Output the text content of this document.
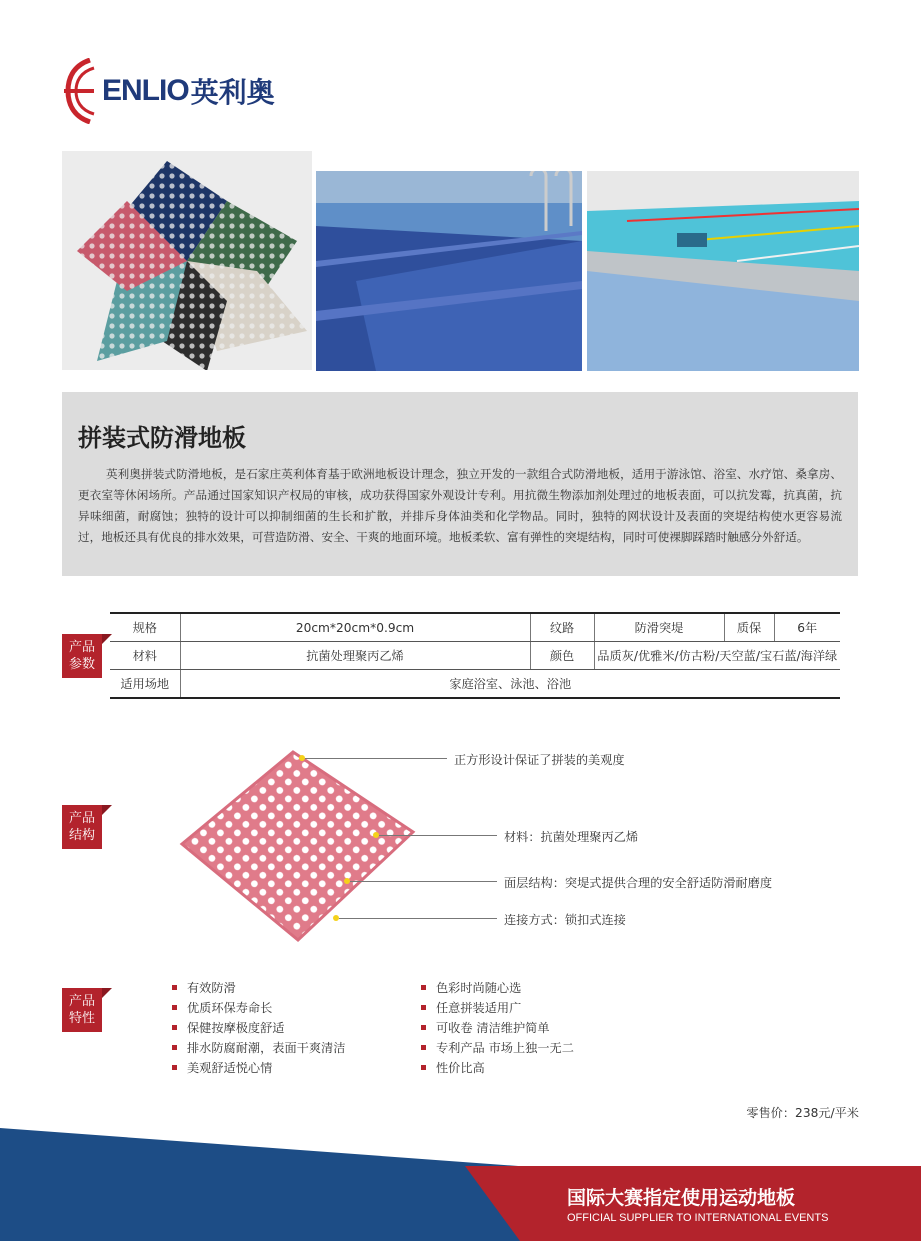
ENLIO 英利奥
拼装式防滑地板

英利奥拼装式防滑地板，是石家庄英利体育基于欧洲地板设计理念，独立开发的一款组合式防滑地板，适用于游泳馆、浴室、水疗馆、桑拿房、更衣室等休闲场所。产品通过国家知识产权局的审核，成功获得国家外观设计专利。用抗微生物添加剂处理过的地板表面，可以抗发霉，抗真菌，抗异味细菌，耐腐蚀；独特的设计可以抑制细菌的生长和扩散，并排斥身体油类和化学物品。同时，独特的网状设计及表面的突堤结构使水更容易流过，地板还具有优良的排水效果，可营造防滑、安全、干爽的地面环境。地板柔软、富有弹性的突堤结构，同时可使裸脚踩踏时触感分外舒适。

产品
参数
规格	20cm*20cm*0.9cm	纹路	防滑突堤	质保	6年
材料	抗菌处理聚丙乙烯	颜色	品质灰/优雅米/仿古粉/天空蓝/宝石蓝/海洋绿		
适用场地	家庭浴室、泳池、浴池				
产品
结构
正方形设计保证了拼装的美观度
材料：抗菌处理聚丙乙烯
面层结构：突堤式提供合理的安全舒适防滑耐磨度
连接方式：锁扣式连接
产品
特性
有效防滑
优质环保寿命长
保健按摩极度舒适
排水防腐耐潮，表面干爽清洁
美观舒适悦心情
色彩时尚随心选
任意拼装适用广
可收卷 清洁维护简单
专利产品 市场上独一无二
性价比高
零售价：238元/平米
国际大赛指定使用运动地板
OFFICIAL SUPPLIER TO INTERNATIONAL EVENTS
